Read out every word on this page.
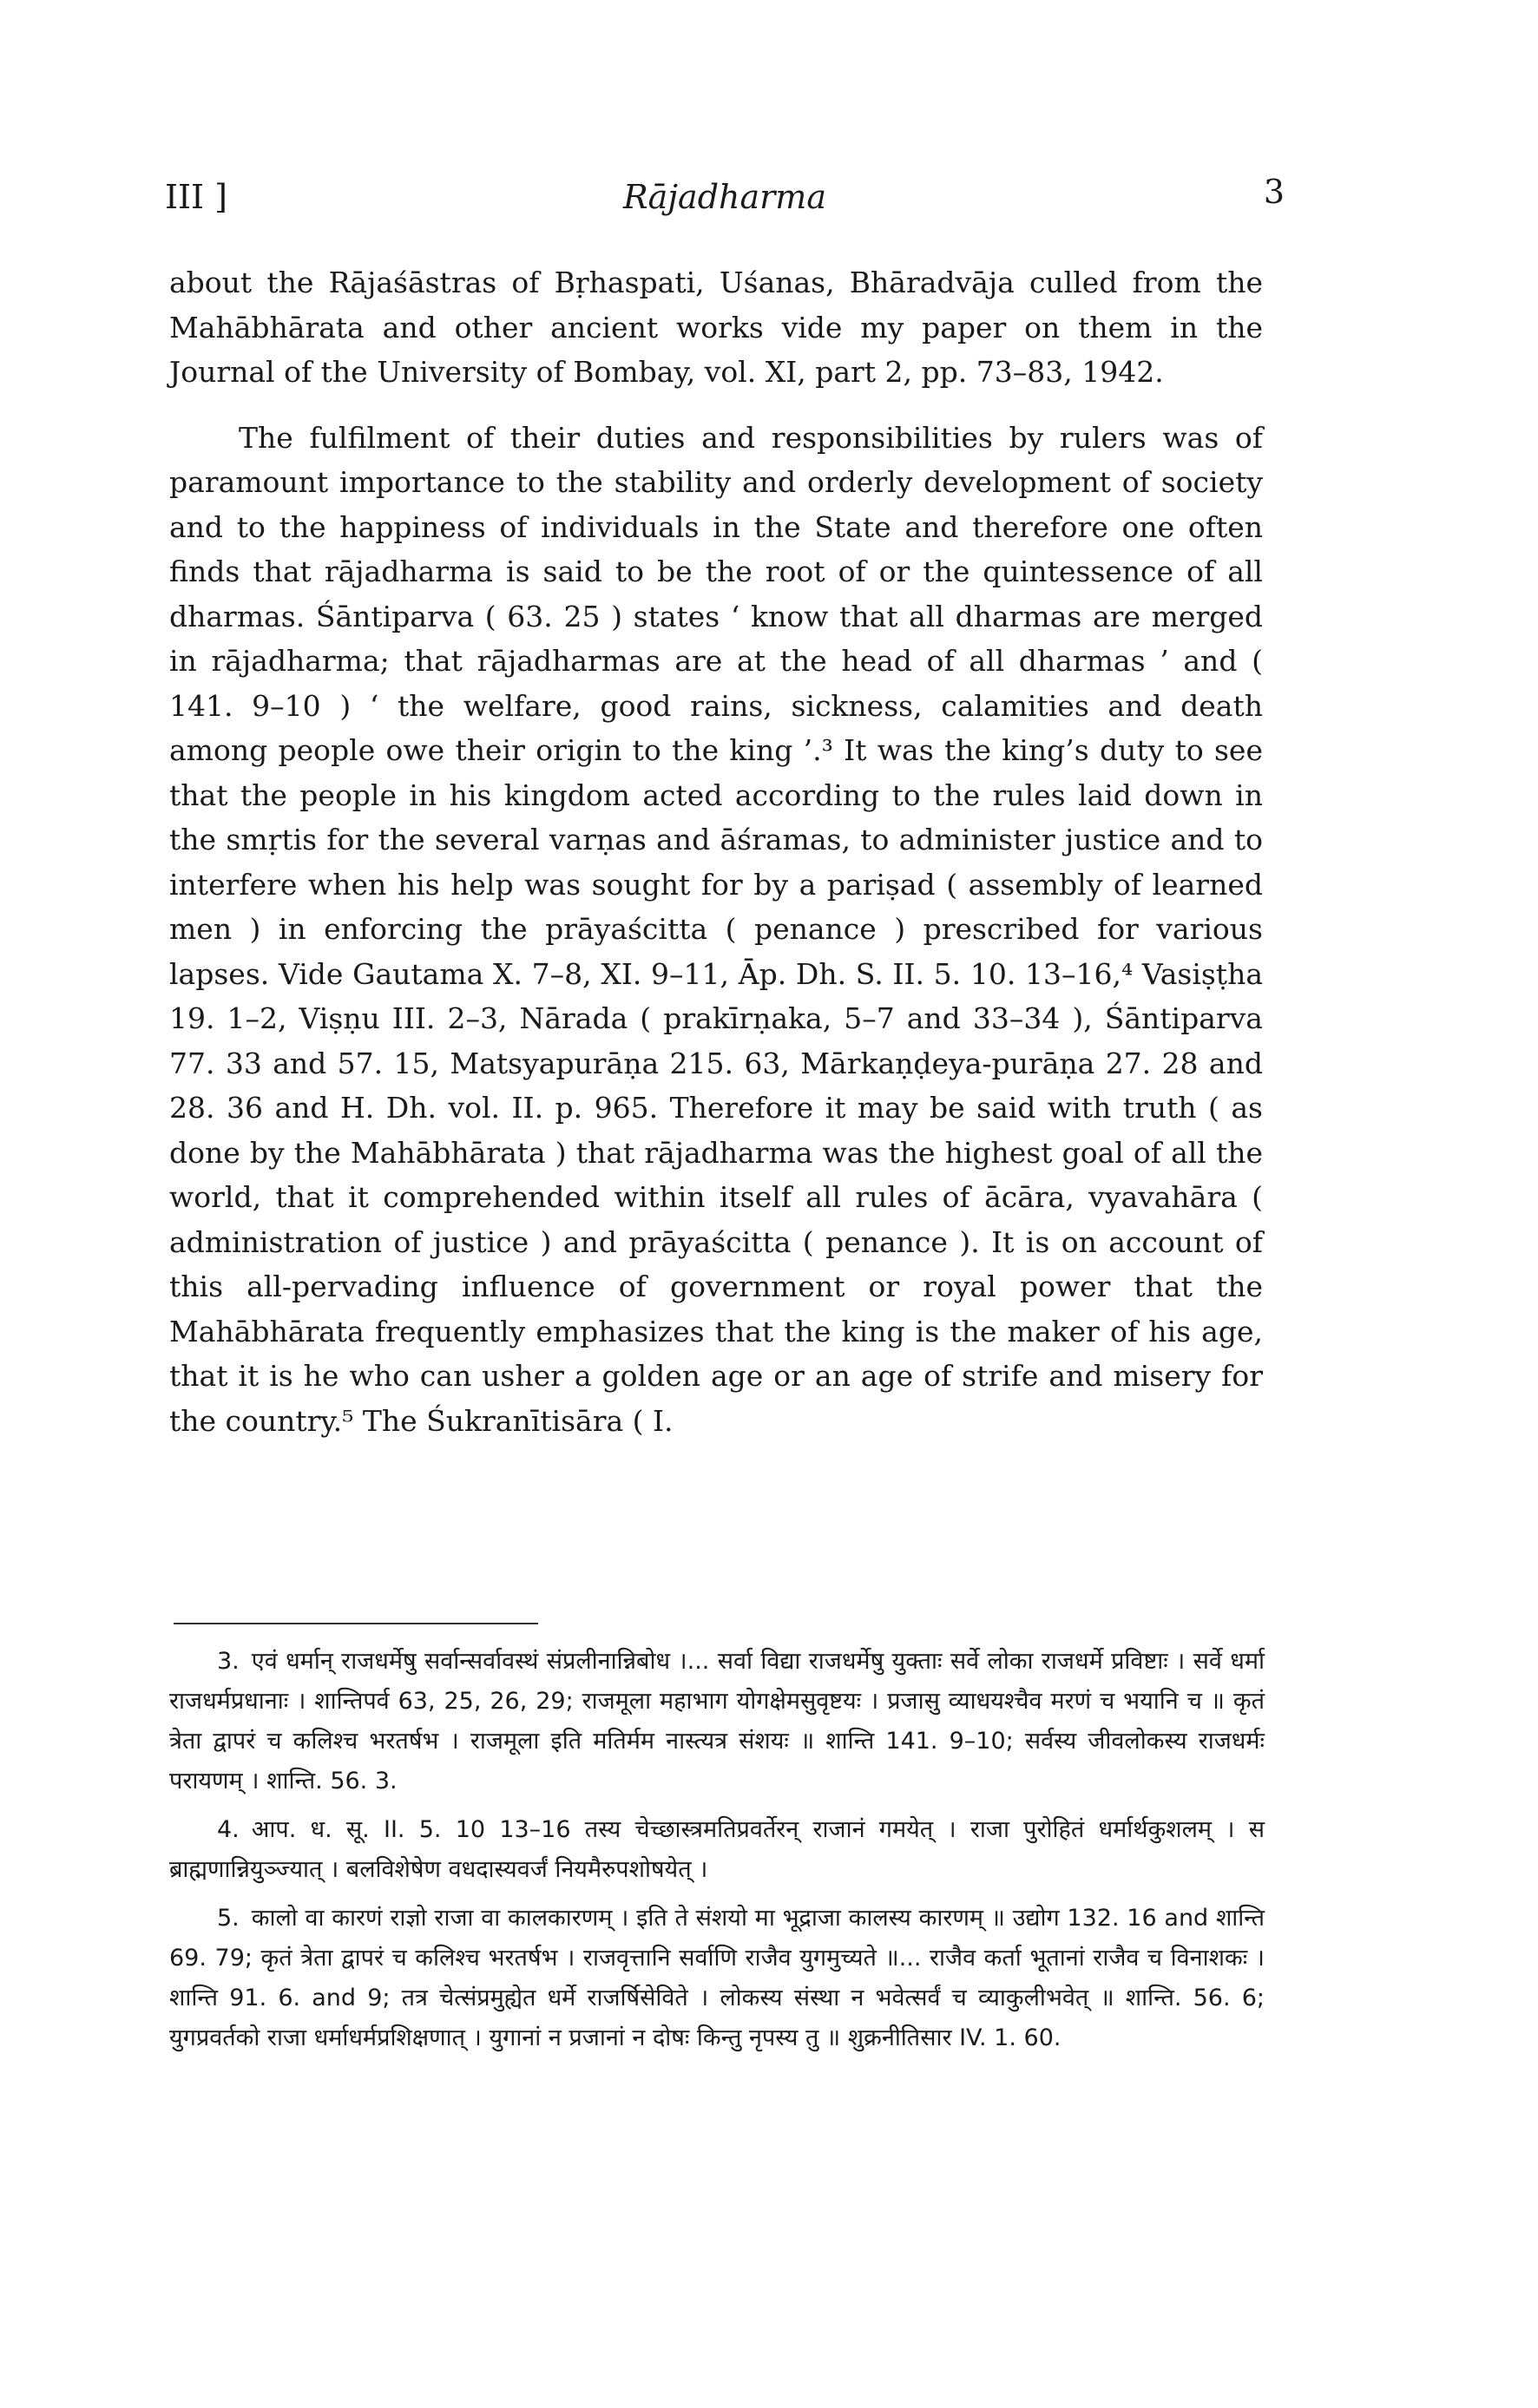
III ]	Rājadharma	3

about the Rājaśāstras of Bṛhaspati, Uśanas, Bhāradvāja culled from the Mahābhārata and other ancient works vide my paper on them in the Journal of the University of Bombay, vol. XI, part 2, pp. 73–83, 1942.

The fulfilment of their duties and responsibilities by rulers was of paramount importance to the stability and orderly development of society and to the happiness of individuals in the State and therefore one often finds that rājadharma is said to be the root of or the quintessence of all dharmas. Śāntiparva ( 63. 25 ) states ‘ know that all dharmas are merged in rājadharma; that rājadharmas are at the head of all dharmas ’ and ( 141. 9–10 ) ‘ the welfare, good rains, sickness, calamities and death among people owe their origin to the king ’.³ It was the king’s duty to see that the people in his kingdom acted according to the rules laid down in the smṛtis for the several varṇas and āśramas, to administer justice and to interfere when his help was sought for by a pariṣad ( assembly of learned men ) in enforcing the prāyaścitta ( penance ) prescribed for various lapses. Vide Gautama X. 7–8, XI. 9–11, Āp. Dh. S. II. 5. 10. 13–16,⁴ Vasiṣṭha 19. 1–2, Viṣṇu III. 2–3, Nārada ( prakīrṇaka, 5–7 and 33–34 ), Śāntiparva 77. 33 and 57. 15, Matsyapurāṇa 215. 63, Mārkaṇḍeya-purāṇa 27. 28 and 28. 36 and H. Dh. vol. II. p. 965. Therefore it may be said with truth ( as done by the Mahābhārata ) that rājadharma was the highest goal of all the world, that it comprehended within itself all rules of ācāra, vyavahāra ( administration of justice ) and prāyaścitta ( penance ). It is on account of this all-pervading influence of government or royal power that the Mahābhārata frequently emphasizes that the king is the maker of his age, that it is he who can usher a golden age or an age of strife and misery for the country.⁵ The Śukranītisāra ( I.

3. एवं धर्मान् राजधर्मेषु सर्वान्सर्वावस्थं संप्रलीनान्निबोध ।... सर्वा विद्या राजधर्मेषु युक्ताः सर्वे लोका राजधर्मे प्रविष्टाः । सर्वे धर्मा राजधर्मप्रधानाः । शान्तिपर्व 63, 25, 26, 29; राजमूला महाभाग योगक्षेमसुवृष्टयः । प्रजासु व्याधयश्चैव मरणं च भयानि च ॥ कृतं त्रेता द्वापरं च कलिश्च भरतर्षभ । राजमूला इति मतिर्मम नास्त्यत्र संशयः ॥ शान्ति 141. 9–10; सर्वस्य जीवलोकस्य राजधर्मः परायणम् । शान्ति. 56. 3.

4. आप. ध. सू. II. 5. 10 13–16 तस्य चेच्छास्त्रमतिप्रवर्तेरन् राजानं गमयेत् । राजा पुरोहितं धर्मार्थकुशलम् । स ब्राह्मणान्नियुञ्ज्यात् । बलविशेषेण वधदास्यवर्जं नियमैरुपशोषयेत् ।

5. कालो वा कारणं राज्ञो राजा वा कालकारणम् । इति ते संशयो मा भूद्राजा कालस्य कारणम् ॥ उद्योग 132. 16 and शान्ति 69. 79; कृतं त्रेता द्वापरं च कलिश्च भरतर्षभ । राजवृत्तानि सर्वाणि राजैव युगमुच्यते ॥... राजैव कर्ता भूतानां राजैव च विनाशकः । शान्ति 91. 6. and 9; तत्र चेत्संप्रमुह्येत धर्मे राजर्षिसेविते । लोकस्य संस्था न भवेत्सर्वं च व्याकुलीभवेत् ॥ शान्ति. 56. 6; युगप्रवर्तको राजा धर्माधर्मप्रशिक्षणात् । युगानां न प्रजानां न दोषः किन्तु नृपस्य तु ॥ शुक्रनीतिसार IV. 1. 60.
